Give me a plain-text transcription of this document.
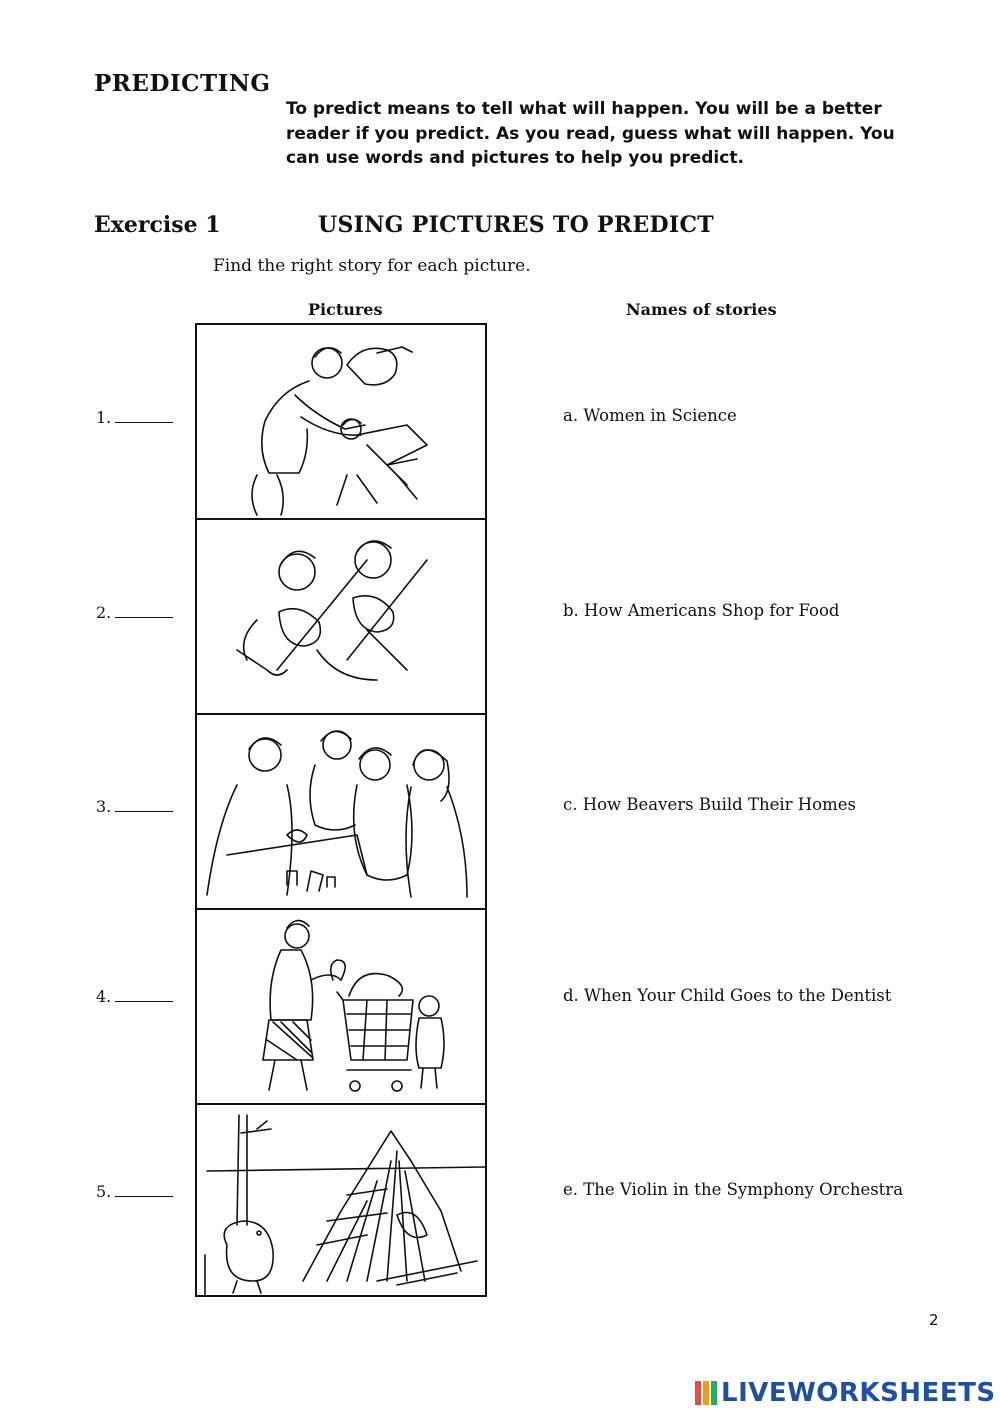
PREDICTING
To predict means to tell what will happen. You will be a better reader if you predict. As you read, guess what will happen. You can use words and pictures to help you predict.
Exercise 1	USING PICTURES TO PREDICT
Find the right story for each picture.
Pictures	Names of stories
1.
2.
3.
4.
5.
a. Women in Science
b. How Americans Shop for Food
c. How Beavers Build Their Homes
d. When Your Child Goes to the Dentist
e. The Violin in the Symphony Orchestra
2
LIVEWORKSHEETS
